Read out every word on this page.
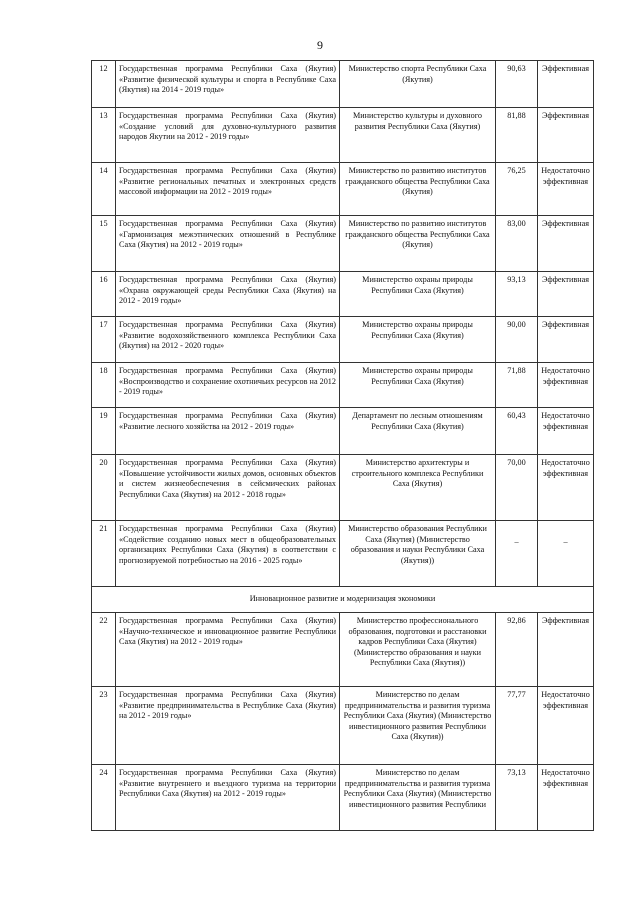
9
12	Государственная программа Республики Саха (Якутия) «Развитие физической культуры и спорта в Республике Саха (Якутия) на 2014 - 2019 годы»	Министерство спорта Республики Саха (Якутия)	90,63	Эффективная
13	Государственная программа Республики Саха (Якутия) «Создание условий для духовно-культурного развития народов Якутии на 2012 - 2019 годы»	Министерство культуры и духовного развития Республики Саха (Якутия)	81,88	Эффективная
14	Государственная программа Республики Саха (Якутия) «Развитие региональных печатных и электронных средств массовой информации на 2012 - 2019 годы»	Министерство по развитию институтов гражданского общества Республики Саха (Якутия)	76,25	Недостаточно эффективная
15	Государственная программа Республики Саха (Якутия) «Гармонизация межэтнических отношений в Республике Саха (Якутия) на 2012 - 2019 годы»	Министерство по развитию институтов гражданского общества Республики Саха (Якутия)	83,00	Эффективная
16	Государственная программа Республики Саха (Якутия) «Охрана окружающей среды Республики Саха (Якутия) на 2012 - 2019 годы»	Министерство охраны природы Республики Саха (Якутия)	93,13	Эффективная
17	Государственная программа Республики Саха (Якутия) «Развитие водохозяйственного комплекса Республики Саха (Якутия) на 2012 - 2020 годы»	Министерство охраны природы Республики Саха (Якутия)	90,00	Эффективная
18	Государственная программа Республики Саха (Якутия) «Воспроизводство и сохранение охотничьих ресурсов на 2012 - 2019 годы»	Министерство охраны природы Республики Саха (Якутия)	71,88	Недостаточно эффективная
19	Государственная программа Республики Саха (Якутия) «Развитие лесного хозяйства на 2012 - 2019 годы»	Департамент по лесным отношениям Республики Саха (Якутия)	60,43	Недостаточно эффективная
20	Государственная программа Республики Саха (Якутия) «Повышение устойчивости жилых домов, основных объектов и систем жизнеобеспечения в сейсмических районах Республики Саха (Якутия) на 2012 - 2018 годы»	Министерство архитектуры и строительного комплекса Республики Саха (Якутия)	70,00	Недостаточно эффективная
21	Государственная программа Республики Саха (Якутия) «Содействие созданию новых мест в общеобразовательных организациях Республики Саха (Якутия) в соответствии с прогнозируемой потребностью на 2016 - 2025 годы»	Министерство образования Республики Саха (Якутия) (Министерство образования и науки Республики Саха (Якутия))	–	–
Инновационное развитие и модернизация экономики				
22	Государственная программа Республики Саха (Якутия) «Научно-техническое и инновационное развитие Республики Саха (Якутия) на 2012 - 2019 годы»	Министерство профессионального образования, подготовки и расстановки кадров Республики Саха (Якутия) (Министерство образования и науки Республики Саха (Якутия))	92,86	Эффективная
23	Государственная программа Республики Саха (Якутия) «Развитие предпринимательства в Республике Саха (Якутия) на 2012 - 2019 годы»	Министерство по делам предпринимательства и развития туризма Республики Саха (Якутия) (Министерство инвестиционного развития Республики Саха (Якутия))	77,77	Недостаточно эффективная
24	Государственная программа Республики Саха (Якутия) «Развитие внутреннего и въездного туризма на территории Республики Саха (Якутия) на 2012 - 2019 годы»	Министерство по делам предпринимательства и развития туризма Республики Саха (Якутия) (Министерство инвестиционного развития Республики	73,13	Недостаточно эффективная
